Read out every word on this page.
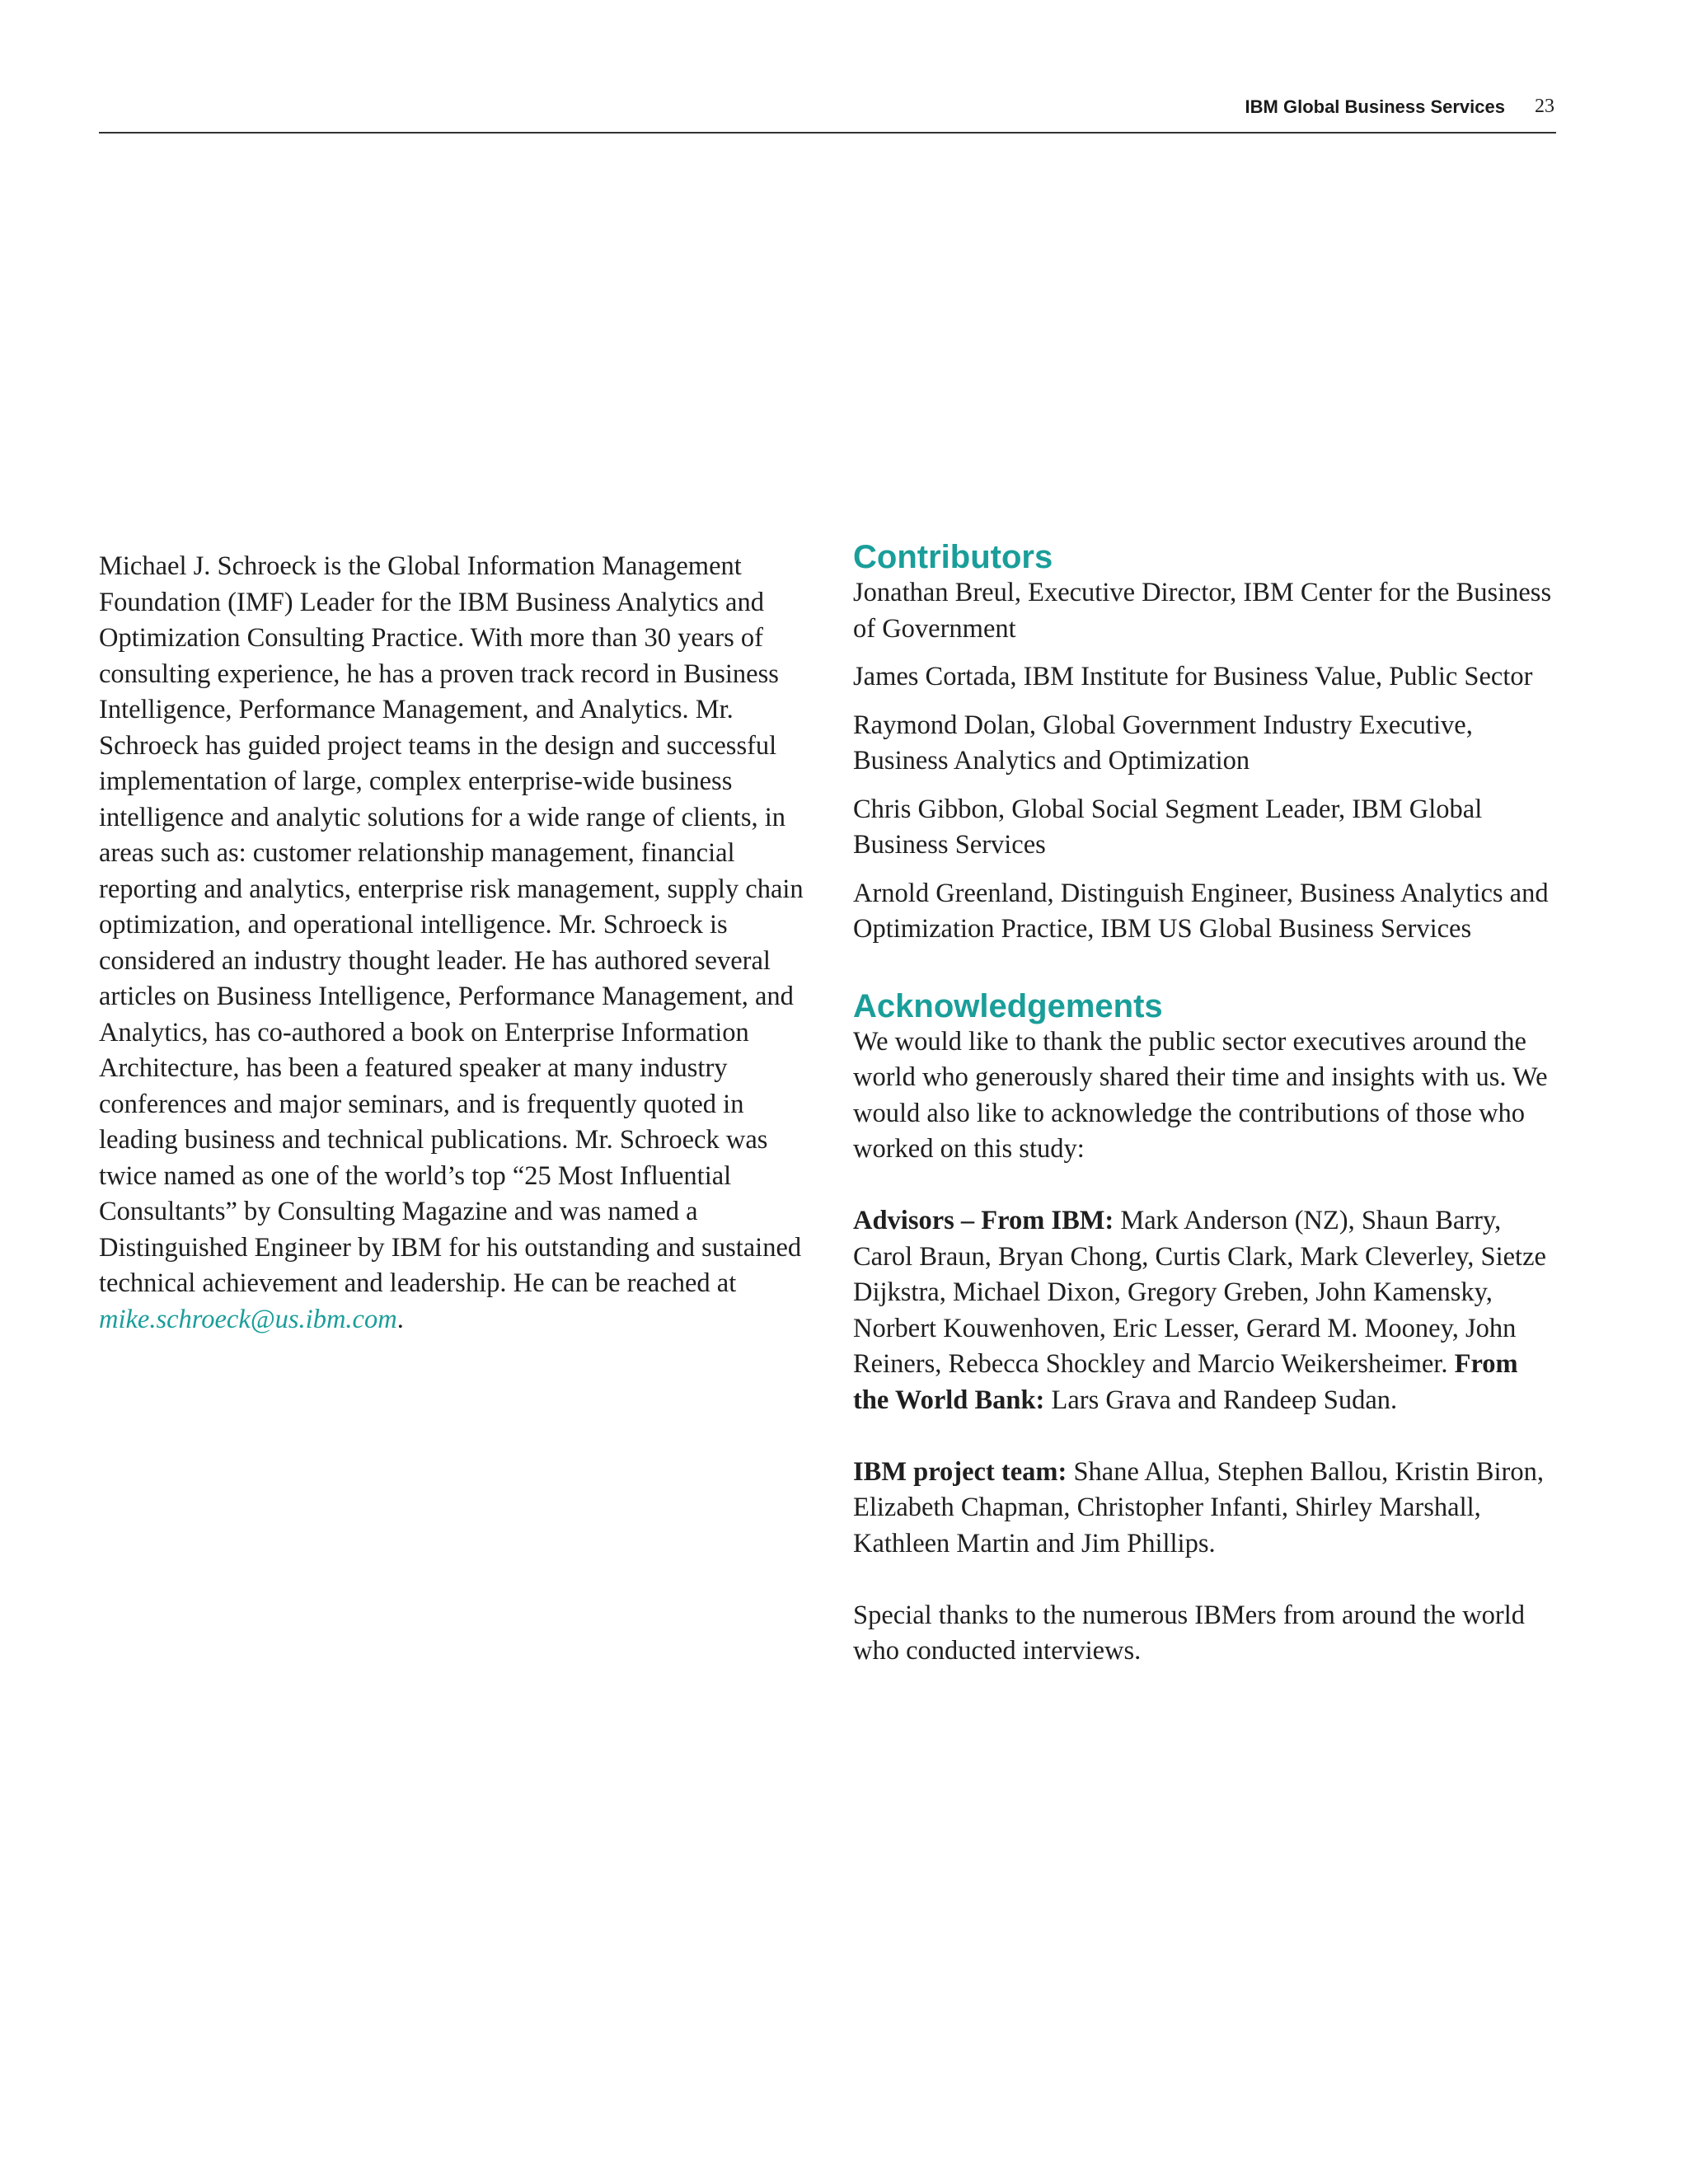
IBM Global Business Services 23

Michael J. Schroeck is the Global Information Management Foundation (IMF) Leader for the IBM Business Analytics and Optimization Consulting Practice. With more than 30 years of consulting experience, he has a proven track record in Business Intelligence, Performance Management, and Analytics. Mr. Schroeck has guided project teams in the design and successful implementation of large, complex enterprise-wide business intelligence and analytic solutions for a wide range of clients, in areas such as: customer relationship management, financial reporting and analytics, enterprise risk management, supply chain optimization, and operational intelligence. Mr. Schroeck is considered an industry thought leader. He has authored several articles on Business Intelligence, Performance Management, and Analytics, has co-authored a book on Enterprise Information Architecture, has been a featured speaker at many industry conferences and major seminars, and is frequently quoted in leading business and technical publications. Mr. Schroeck was twice named as one of the world’s top “25 Most Influential Consultants” by Consulting Magazine and was named a Distinguished Engineer by IBM for his outstanding and sustained technical achievement and leadership. He can be reached at mike.schroeck@us.ibm.com.

Contributors
Jonathan Breul, Executive Director, IBM Center for the Business of Government
James Cortada, IBM Institute for Business Value, Public Sector
Raymond Dolan, Global Government Industry Executive, Business Analytics and Optimization
Chris Gibbon, Global Social Segment Leader, IBM Global Business Services
Arnold Greenland, Distinguish Engineer, Business Analytics and Optimization Practice, IBM US Global Business Services
Acknowledgements

We would like to thank the public sector executives around the world who generously shared their time and insights with us. We would also like to acknowledge the contributions of those who worked on this study:

Advisors – From IBM: Mark Anderson (NZ), Shaun Barry, Carol Braun, Bryan Chong, Curtis Clark, Mark Cleverley, Sietze Dijkstra, Michael Dixon, Gregory Greben, John Kamensky, Norbert Kouwenhoven, Eric Lesser, Gerard M. Mooney, John Reiners, Rebecca Shockley and Marcio Weikersheimer. From the World Bank: Lars Grava and Randeep Sudan.

IBM project team: Shane Allua, Stephen Ballou, Kristin Biron, Elizabeth Chapman, Christopher Infanti, Shirley Marshall, Kathleen Martin and Jim Phillips.

Special thanks to the numerous IBMers from around the world who conducted interviews.
